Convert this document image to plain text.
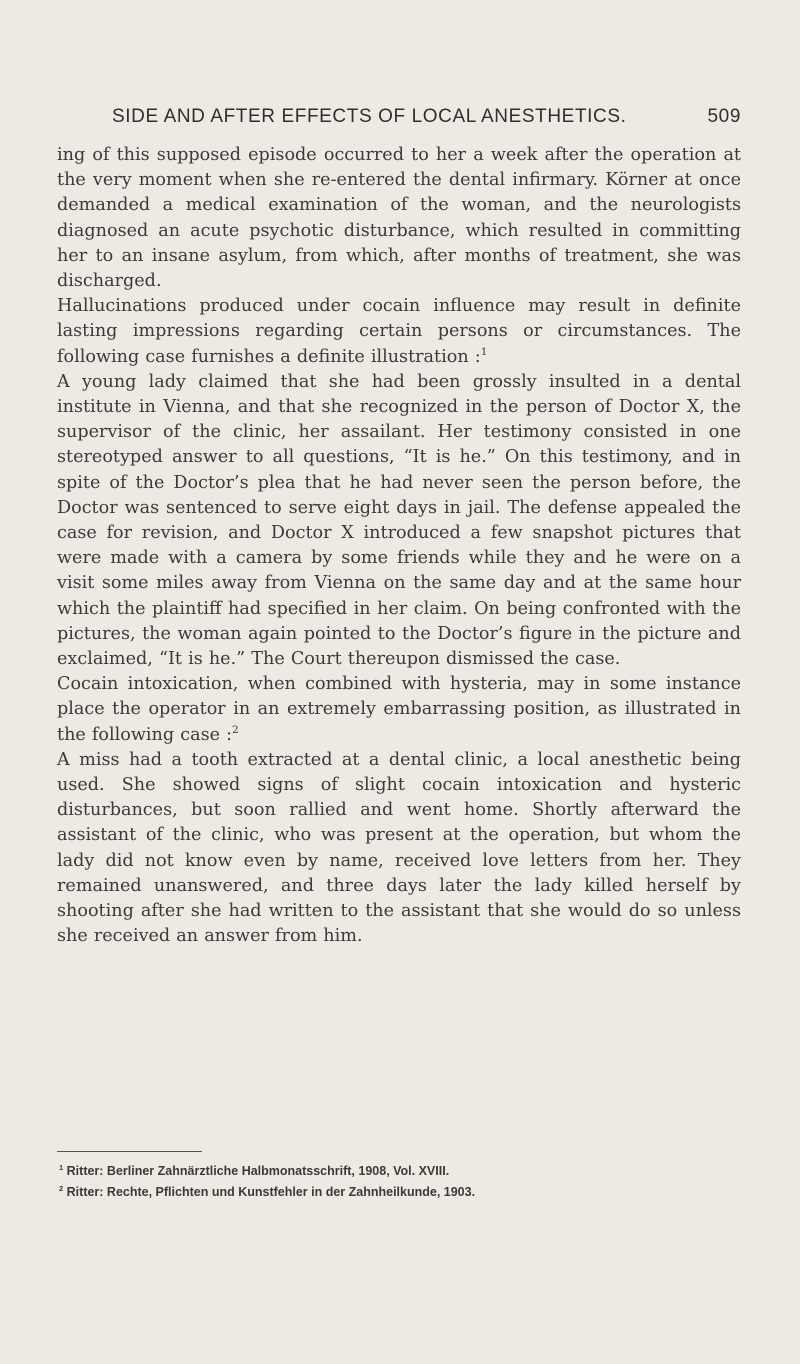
SIDE AND AFTER EFFECTS OF LOCAL ANESTHETICS.	509

ing of this supposed episode occurred to her a week after the operation at the very moment when she re-entered the dental infirmary. Körner at once demanded a medical examination of the woman, and the neurologists diagnosed an acute psychotic disturbance, which resulted in committing her to an insane asylum, from which, after months of treatment, she was discharged.

Hallucinations produced under cocain influence may result in definite lasting impressions regarding certain persons or circumstances. The following case furnishes a definite illustration :$^1$

A young lady claimed that she had been grossly insulted in a dental institute in Vienna, and that she recognized in the person of Doctor X, the supervisor of the clinic, her assailant. Her testimony consisted in one stereotyped answer to all questions, “It is he.” On this testimony, and in spite of the Doctor’s plea that he had never seen the person before, the Doctor was sentenced to serve eight days in jail. The defense appealed the case for revision, and Doctor X introduced a few snapshot pictures that were made with a camera by some friends while they and he were on a visit some miles away from Vienna on the same day and at the same hour which the plaintiff had specified in her claim. On being confronted with the pictures, the woman again pointed to the Doctor’s figure in the picture and exclaimed, “It is he.” The Court thereupon dismissed the case.

Cocain intoxication, when combined with hysteria, may in some instance place the operator in an extremely embarrassing position, as illustrated in the following case :$^2$

A miss had a tooth extracted at a dental clinic, a local anesthetic being used. She showed signs of slight cocain intoxication and hysteric disturbances, but soon rallied and went home. Shortly afterward the assistant of the clinic, who was present at the operation, but whom the lady did not know even by name, received love letters from her. They remained unanswered, and three days later the lady killed herself by shooting after she had written to the assistant that she would do so unless she received an answer from him.

$^1$ Ritter: Berliner Zahnärztliche Halbmonatsschrift, 1908, Vol. XVIII.

$^2$ Ritter: Rechte, Pflichten und Kunstfehler in der Zahnheilkunde, 1903.
